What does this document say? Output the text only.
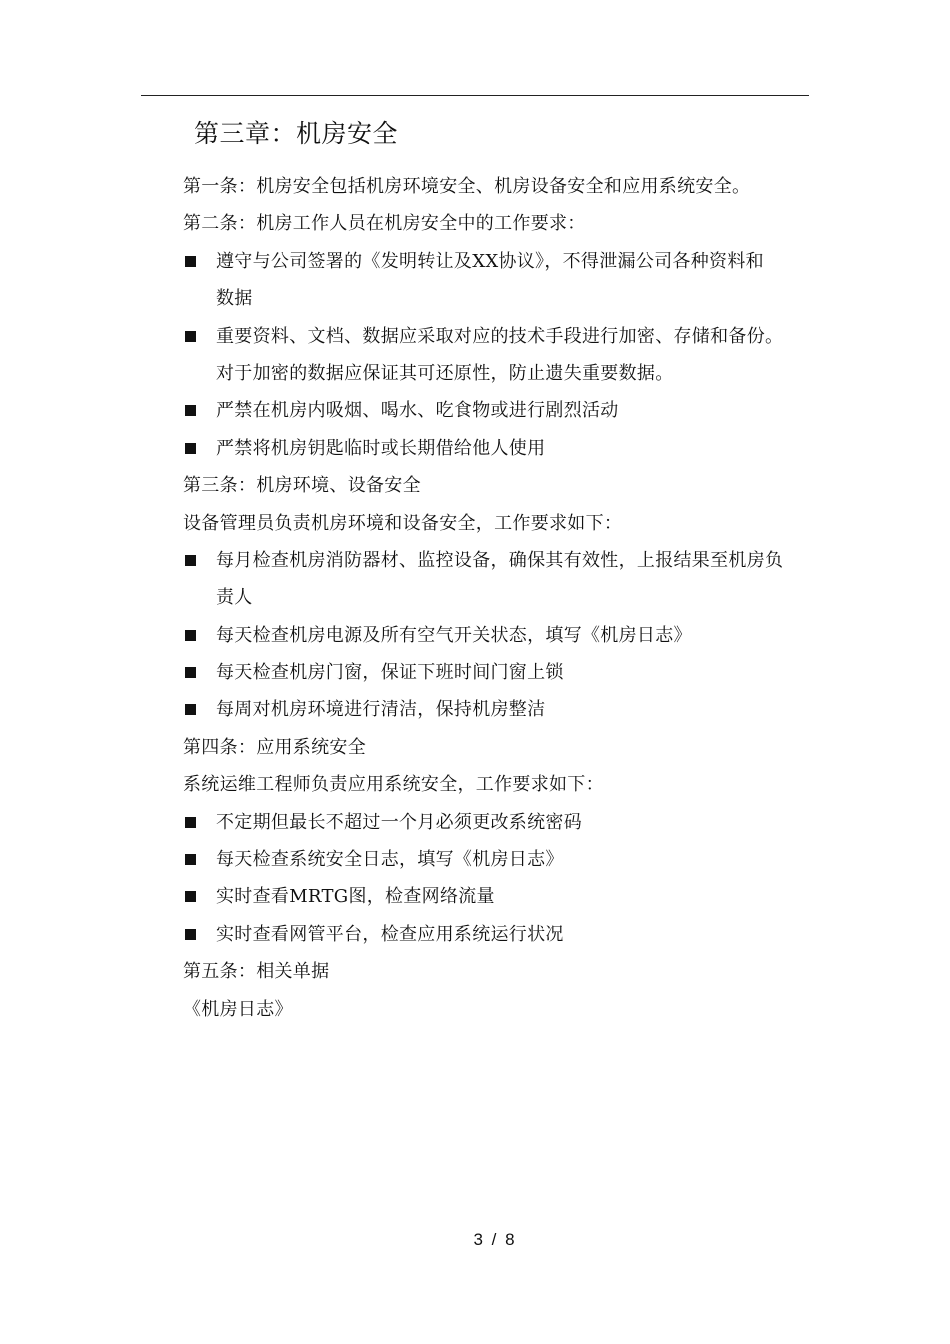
第三章：机房安全
第一条：机房安全包括机房环境安全、机房设备安全和应用系统安全。
第二条：机房工作人员在机房安全中的工作要求：
遵守与公司签署的《发明转让及XX协议》，不得泄漏公司各种资料和
数据
重要资料、文档、数据应采取对应的技术手段进行加密、存储和备份。
对于加密的数据应保证其可还原性，防止遗失重要数据。
严禁在机房内吸烟、喝水、吃食物或进行剧烈活动
严禁将机房钥匙临时或长期借给他人使用
第三条：机房环境、设备安全
设备管理员负责机房环境和设备安全，工作要求如下：
每月检查机房消防器材、监控设备，确保其有效性，上报结果至机房负
责人
每天检查机房电源及所有空气开关状态，填写《机房日志》
每天检查机房门窗，保证下班时间门窗上锁
每周对机房环境进行清洁，保持机房整洁
第四条：应用系统安全
系统运维工程师负责应用系统安全，工作要求如下：
不定期但最长不超过一个月必须更改系统密码
每天检查系统安全日志，填写《机房日志》
实时查看MRTG图，检查网络流量
实时查看网管平台，检查应用系统运行状况
第五条：相关单据
《机房日志》
3 / 8
